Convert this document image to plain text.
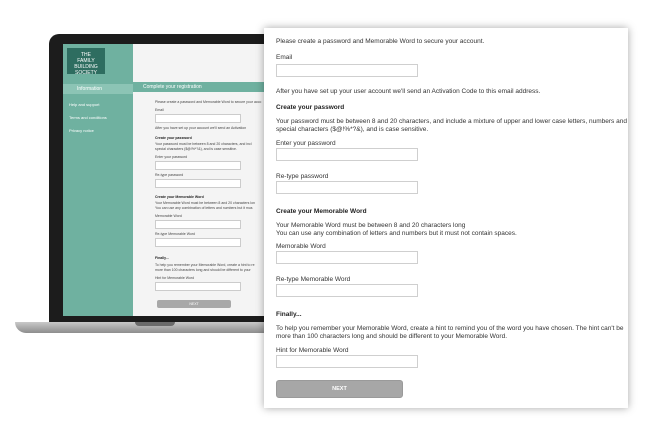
THE
FAMILY
BUILDING
SOCIETY
Information
Help and support
Terms and conditions
Privacy notice
Complete your registration
Please create a password and Memorable Word to secure your acco
Email
After you have set up your account we'll send an Activation
Create your password
Your password must be between 8 and 20 characters, and incl
special characters ($@!%*?&), and is case sensitive.
Enter your password
Re-type password
Create your Memorable Word
Your Memorable Word must be between 8 and 20 characters lon
You can use any combination of letters and numbers but it mus
Memorable Word
Re-type Memorable Word
Finally...
To help you remember your Memorable Word, create a hint to re
more than 100 characters long and should be different to your
Hint for Memorable Word
NEXT
Please create a password and Memorable Word to secure your account.
Email
After you have set up your user account we'll send an Activation Code to this email address.
Create your password
Your password must be between 8 and 20 characters, and include a mixture of upper and lower case letters, numbers and
special characters ($@!%*?&), and is case sensitive.
Enter your password
Re-type password
Create your Memorable Word
Your Memorable Word must be between 8 and 20 characters long
You can use any combination of letters and numbers but it must not contain spaces.
Memorable Word
Re-type Memorable Word
Finally...
To help you remember your Memorable Word, create a hint to remind you of the word you have chosen. The hint can't be
more than 100 characters long and should be different to your Memorable Word.
Hint for Memorable Word
NEXT
